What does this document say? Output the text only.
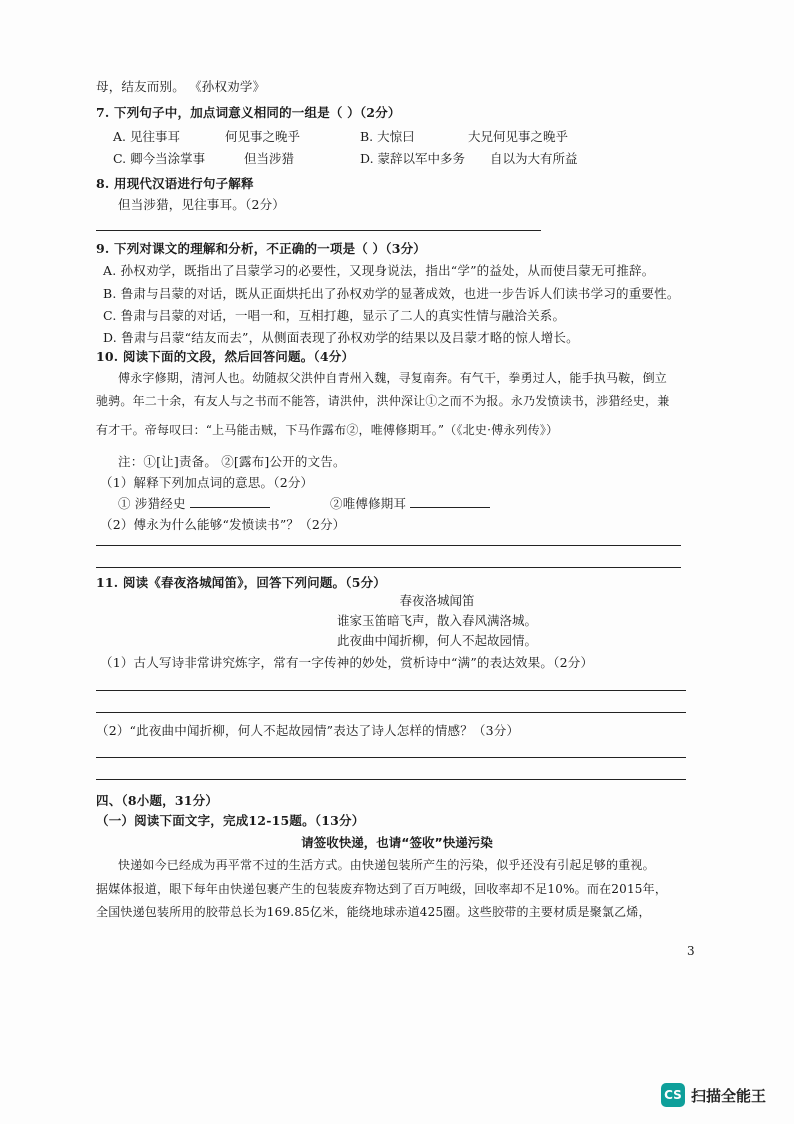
母，结友而别。 《孙权劝学》
7. 下列句子中，加点词意义相同的一组是（ ）（2分）
A. 见往事耳	何见事之晚乎	B. 大惊曰	大兄何见事之晚乎
C. 卿今当涂掌事	但当涉猎	D. 蒙辞以军中多务 自以为大有所益
8. 用现代汉语进行句子解释
但当涉猎，见往事耳。（2分）
9. 下列对课文的理解和分析，不正确的一项是（ ）（3分）
A. 孙权劝学，既指出了吕蒙学习的必要性，又现身说法，指出“学”的益处，从而使吕蒙无可推辞。
B. 鲁肃与吕蒙的对话，既从正面烘托出了孙权劝学的显著成效，也进一步告诉人们读书学习的重要性。
C. 鲁肃与吕蒙的对话，一唱一和，互相打趣，显示了二人的真实性情与融洽关系。
D. 鲁肃与吕蒙“结友而去”，从侧面表现了孙权劝学的结果以及吕蒙才略的惊人增长。
10. 阅读下面的文段，然后回答问题。（4分）
傅永字修期，清河人也。幼随叔父洪仲自青州入魏，寻复南奔。有气干，拳勇过人，能手执马鞍，倒立
驰骋。年二十余，有友人与之书而不能答，请洪仲，洪仲深让①之而不为报。永乃发愤读书，涉猎经史，兼
有才干。帝每叹曰：“上马能击贼，下马作露布②，唯傅修期耳。”（《北史·傅永列传》）
注：①[让]责备。 ②[露布]公开的文告。
（1）解释下列加点词的意思。（2分）
① 涉猎经史	②唯傅修期耳
（2）傅永为什么能够“发愤读书”？（2分）
11. 阅读《春夜洛城闻笛》，回答下列问题。（5分）
春夜洛城闻笛
谁家玉笛暗飞声，散入春风满洛城。
此夜曲中闻折柳，何人不起故园情。
（1）古人写诗非常讲究炼字，常有一字传神的妙处，赏析诗中“满”的表达效果。（2分）
（2）“此夜曲中闻折柳，何人不起故园情”表达了诗人怎样的情感？（3分）
四、（8小题，31分）
（一）阅读下面文字，完成12-15题。（13分）
请签收快递，也请“签收”快递污染
快递如今已经成为再平常不过的生活方式。由快递包装所产生的污染，似乎还没有引起足够的重视。
据媒体报道，眼下每年由快递包裹产生的包装废弃物达到了百万吨级，回收率却不足10%。而在2015年，
全国快递包装所用的胶带总长为169.85亿米，能绕地球赤道425圈。这些胶带的主要材质是聚氯乙烯，
3
CS 扫描全能王
